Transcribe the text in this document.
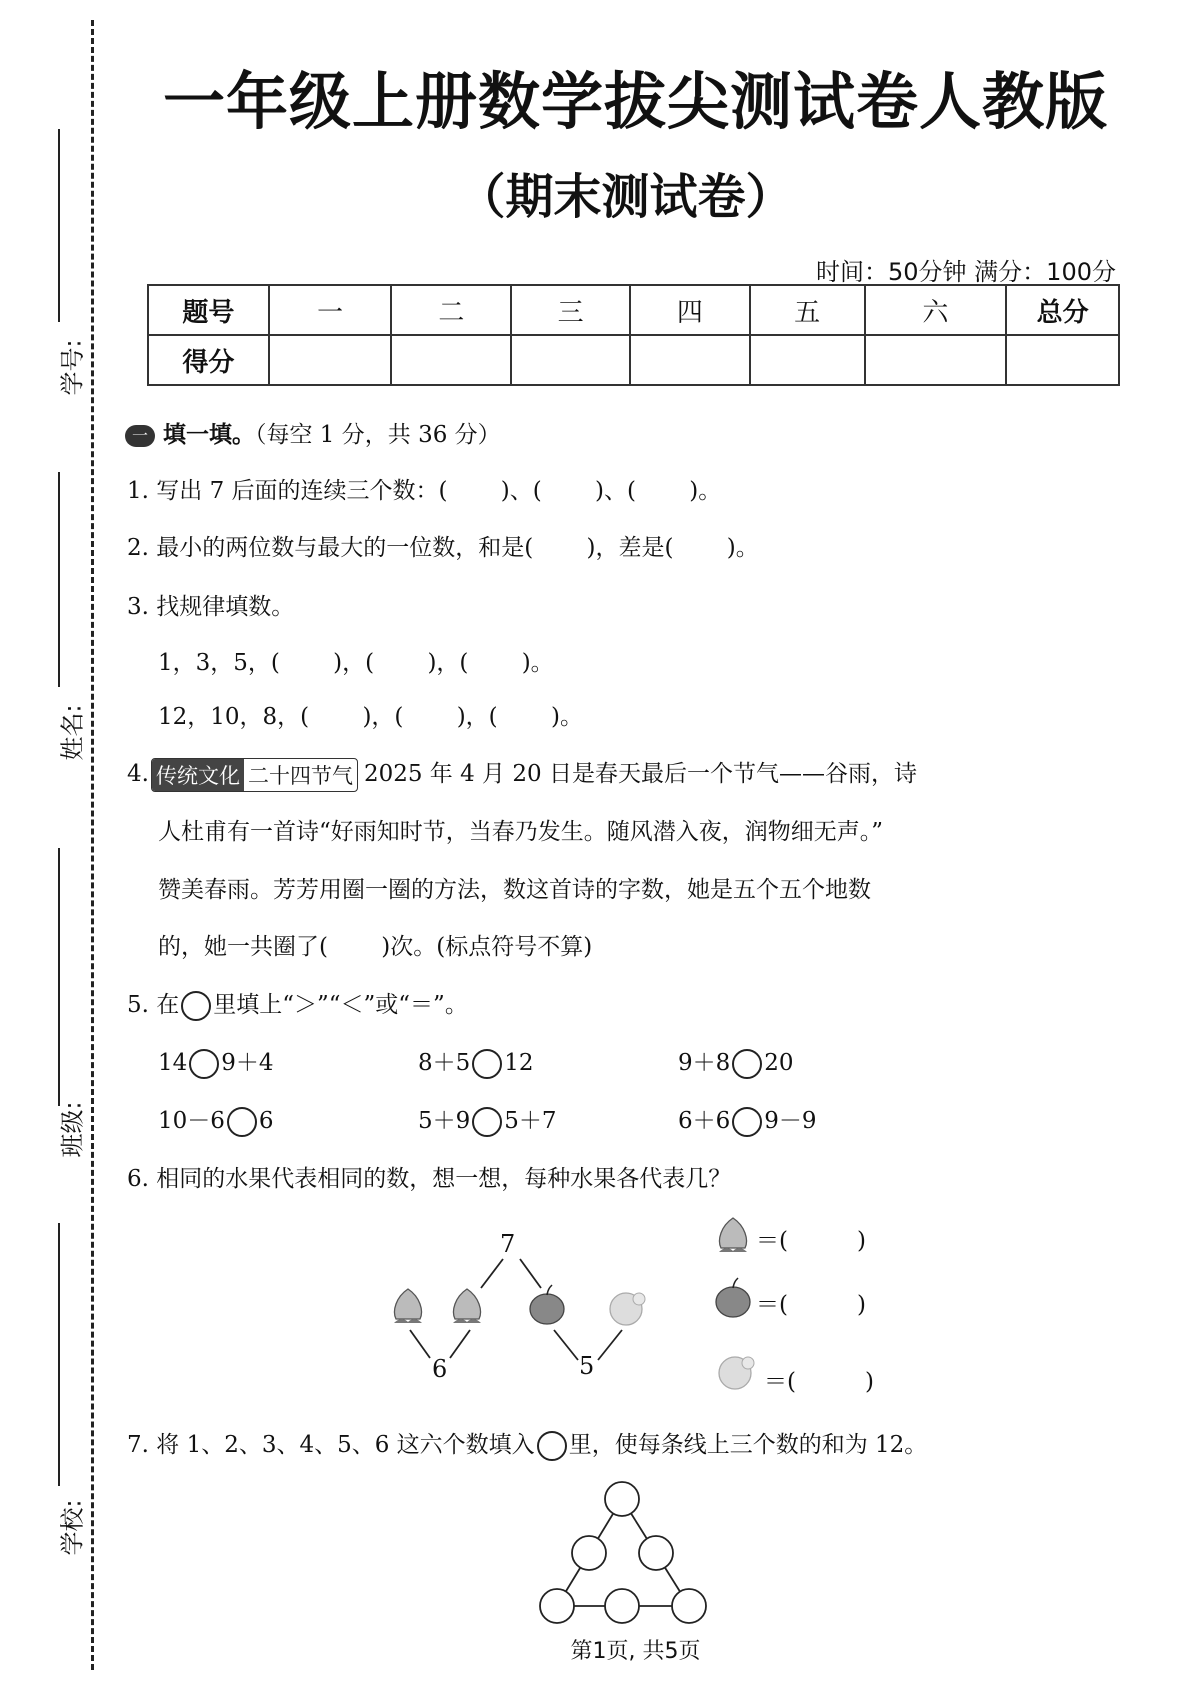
学号:
姓名:
班级:
学校:
一年级上册数学拔尖测试卷人教版
（期末测试卷）
时间：50分钟 满分：100分
题号	一	二	三	四	五	六	总分
得分							
一 填一填。（每空 1 分，共 36 分）
1. 写出 7 后面的连续三个数：(　　 )、(　　 )、(　　 )。
2. 最小的两位数与最大的一位数，和是(　　 )，差是(　　 )。
3. 找规律填数。
1，3，5，(　　 )，(　　 )，(　　 )。
12，10，8，(　　 )，(　　 )，(　　 )。
4. 传统文化 二十四节气 2025 年 4 月 20 日是春天最后一个节气——谷雨，诗
人杜甫有一首诗“好雨知时节，当春乃发生。随风潜入夜，润物细无声。”
赞美春雨。芳芳用圈一圈的方法，数这首诗的字数，她是五个五个地数
的，她一共圈了(　　 )次。(标点符号不算)
5. 在 里填上“＞”“＜”或“＝”。
14 9＋4	8＋5 12	9＋8 20
10－6 6	5＋9 5＋7	6＋6 9－9
6. 相同的水果代表相同的数，想一想，每种水果各代表几？
7
6	5
＝(　　　)
＝(　　　)
＝(　　　)
7. 将 1、2、3、4、5、6 这六个数填入 里，使每条线上三个数的和为 12。
第1页, 共5页
